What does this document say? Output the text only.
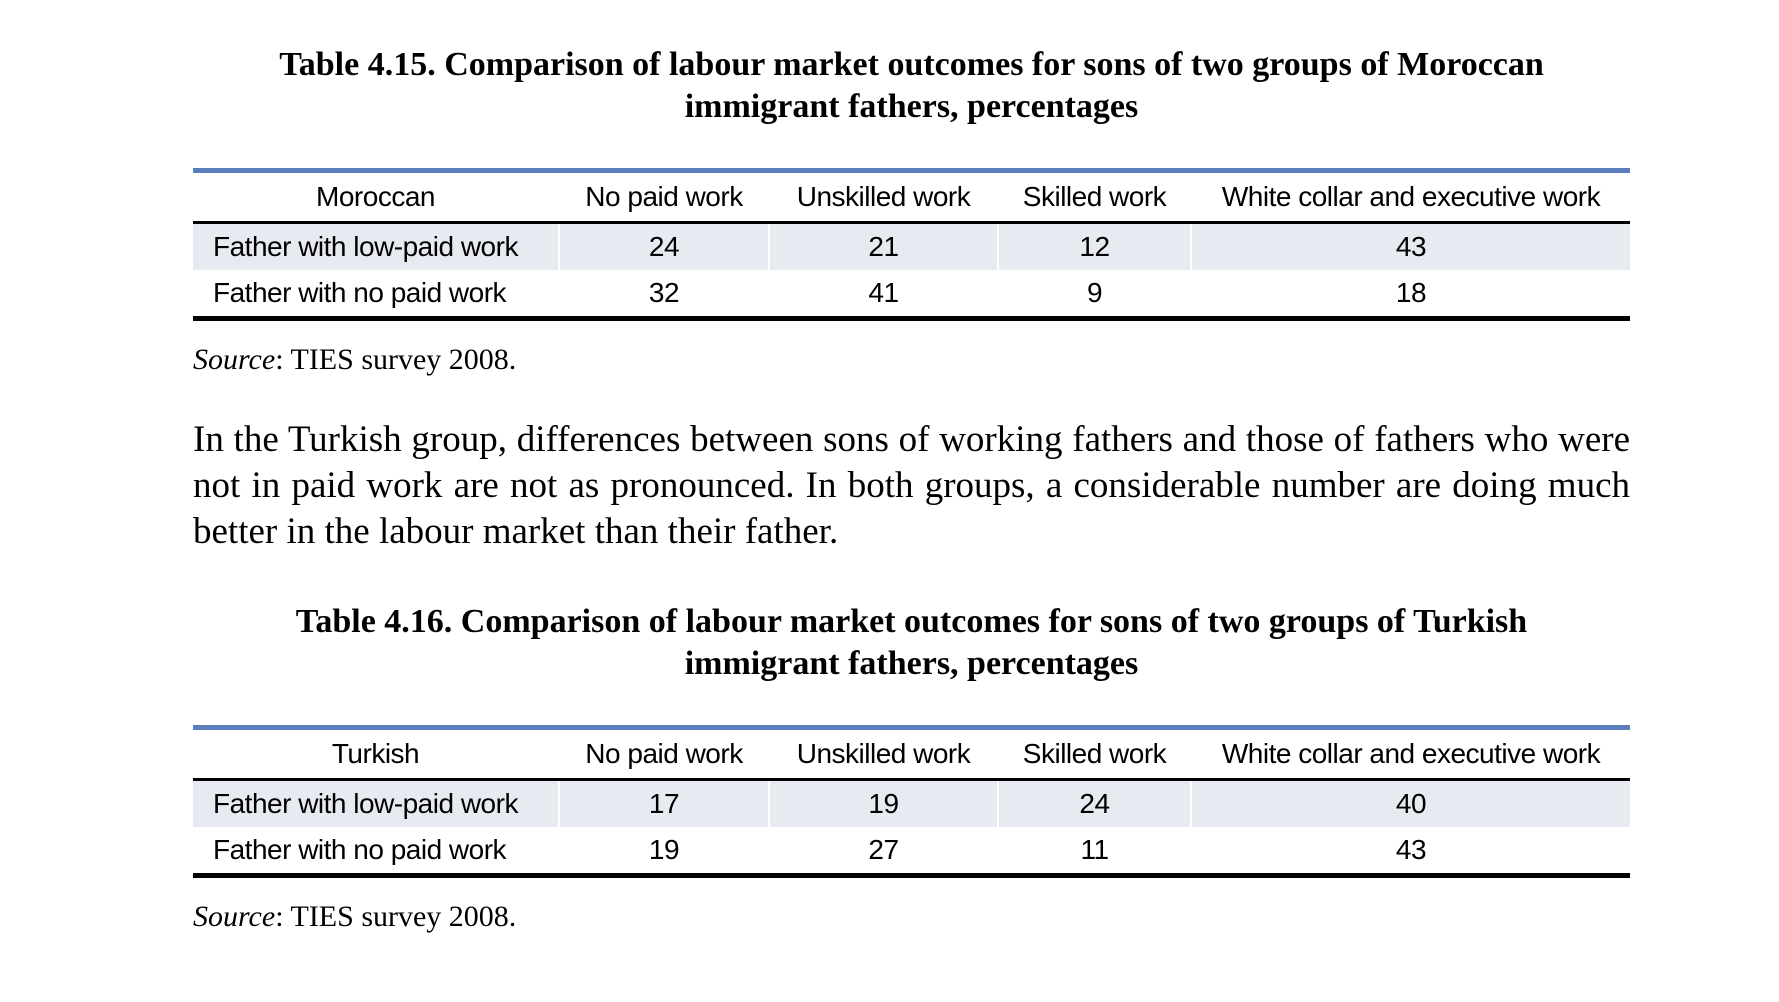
Table 4.15. Comparison of labour market outcomes for sons of two groups of Moroccan
immigrant fathers, percentages
Moroccan	No paid work	Unskilled work	Skilled work	White collar and executive work
Father with low-paid work	24	21	12	43
Father with no paid work	32	41	9	18

Source: TIES survey 2008.

In the Turkish group, differences between sons of working fathers and those of fathers who were not in paid work are not as pronounced. In both groups, a considerable number are doing much better in the labour market than their father.

Table 4.16. Comparison of labour market outcomes for sons of two groups of Turkish
immigrant fathers, percentages
Turkish	No paid work	Unskilled work	Skilled work	White collar and executive work
Father with low-paid work	17	19	24	40
Father with no paid work	19	27	11	43

Source: TIES survey 2008.
